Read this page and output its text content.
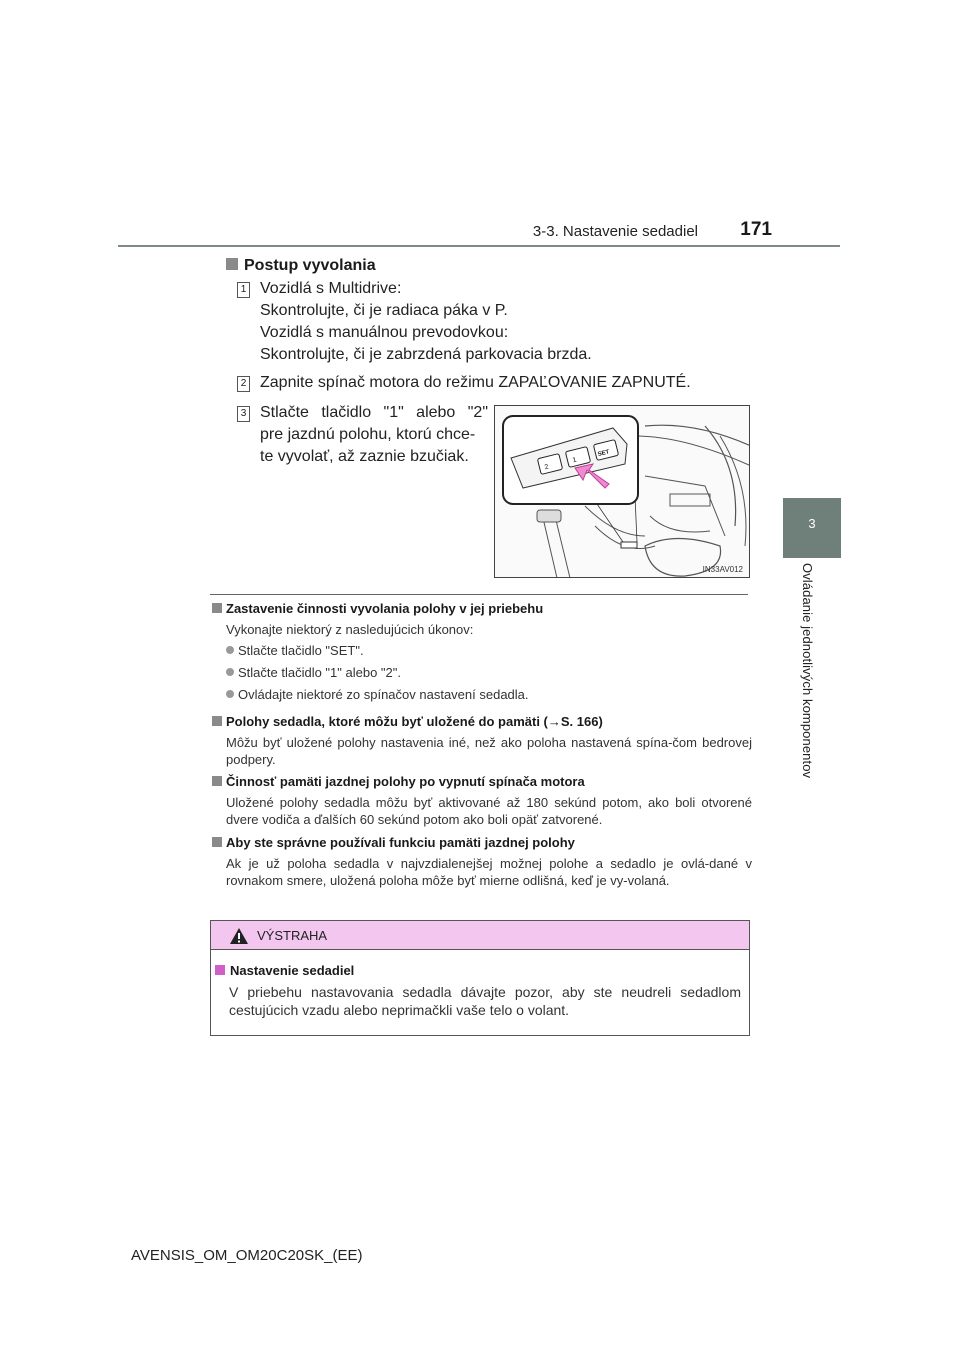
3-3. Nastavenie sedadiel 171
3
Ovládanie jednotlivých komponentov
Postup vyvolania
1 Vozidlá s Multidrive:
Skontrolujte, či je radiaca páka v P.
Vozidlá s manuálnou prevodovkou:
Skontrolujte, či je zabrzdená parkovacia brzda.
2 Zapnite spínač motora do režimu ZAPAĽOVANIE ZAPNUTÉ.
3 Stlačte tlačidlo "1" alebo "2"
pre jazdnú polohu, ktorú chce-
te vyvolať, až zaznie bzučiak.
2
1
SET
IN33AV012
Zastavenie činnosti vyvolania polohy v jej priebehu
Vykonajte niektorý z nasledujúcich úkonov:
Stlačte tlačidlo "SET".
Stlačte tlačidlo "1" alebo "2".
Ovládajte niektoré zo spínačov nastavení sedadla.
Polohy sedadla, ktoré môžu byť uložené do pamäti (→S. 166)
Môžu byť uložené polohy nastavenia iné, než ako poloha nastavená spína-čom bedrovej podpery.
Činnosť pamäti jazdnej polohy po vypnutí spínača motora
Uložené polohy sedadla môžu byť aktivované až 180 sekúnd potom, ako boli otvorené dvere vodiča a ďalších 60 sekúnd potom ako boli opäť zatvorené.
Aby ste správne používali funkciu pamäti jazdnej polohy
Ak je už poloha sedadla v najvzdialenejšej možnej polohe a sedadlo je ovlá-dané v rovnakom smere, uložená poloha môže byť mierne odlišná, keď je vy-volaná.
VÝSTRAHA
Nastavenie sedadiel
V priebehu nastavovania sedadla dávajte pozor, aby ste neudreli sedadlom cestujúcich vzadu alebo neprimačkli vaše telo o volant.
AVENSIS_OM_OM20C20SK_(EE)
